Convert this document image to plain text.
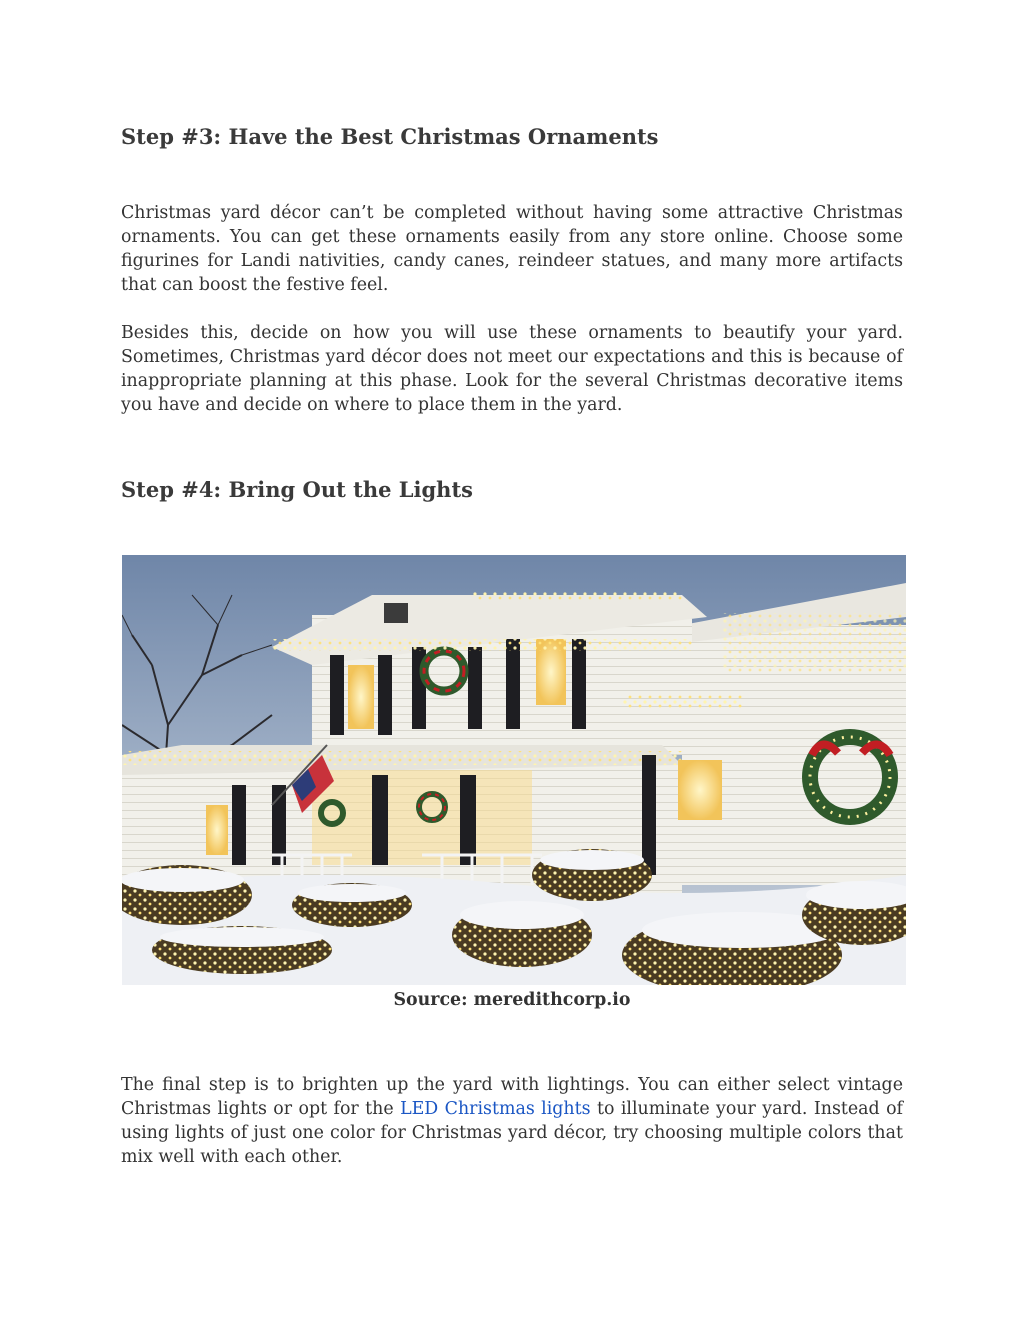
Step #3: Have the Best Christmas Ornaments

Christmas yard décor can’t be completed without having some attractive Christmas ornaments. You can get these ornaments easily from any store online. Choose some figurines for Landi nativities, candy canes, reindeer statues, and many more artifacts that can boost the festive feel.

Besides this, decide on how you will use these ornaments to beautify your yard. Sometimes, Christmas yard décor does not meet our expectations and this is because of inappropriate planning at this phase. Look for the several Christmas decorative items you have and decide on where to place them in the yard.

Step #4: Bring Out the Lights

Source: meredithcorp.io

The final step is to brighten up the yard with lightings. You can either select vintage Christmas lights or opt for the LED Christmas lights to illuminate your yard. Instead of using lights of just one color for Christmas yard décor, try choosing multiple colors that mix well with each other.
